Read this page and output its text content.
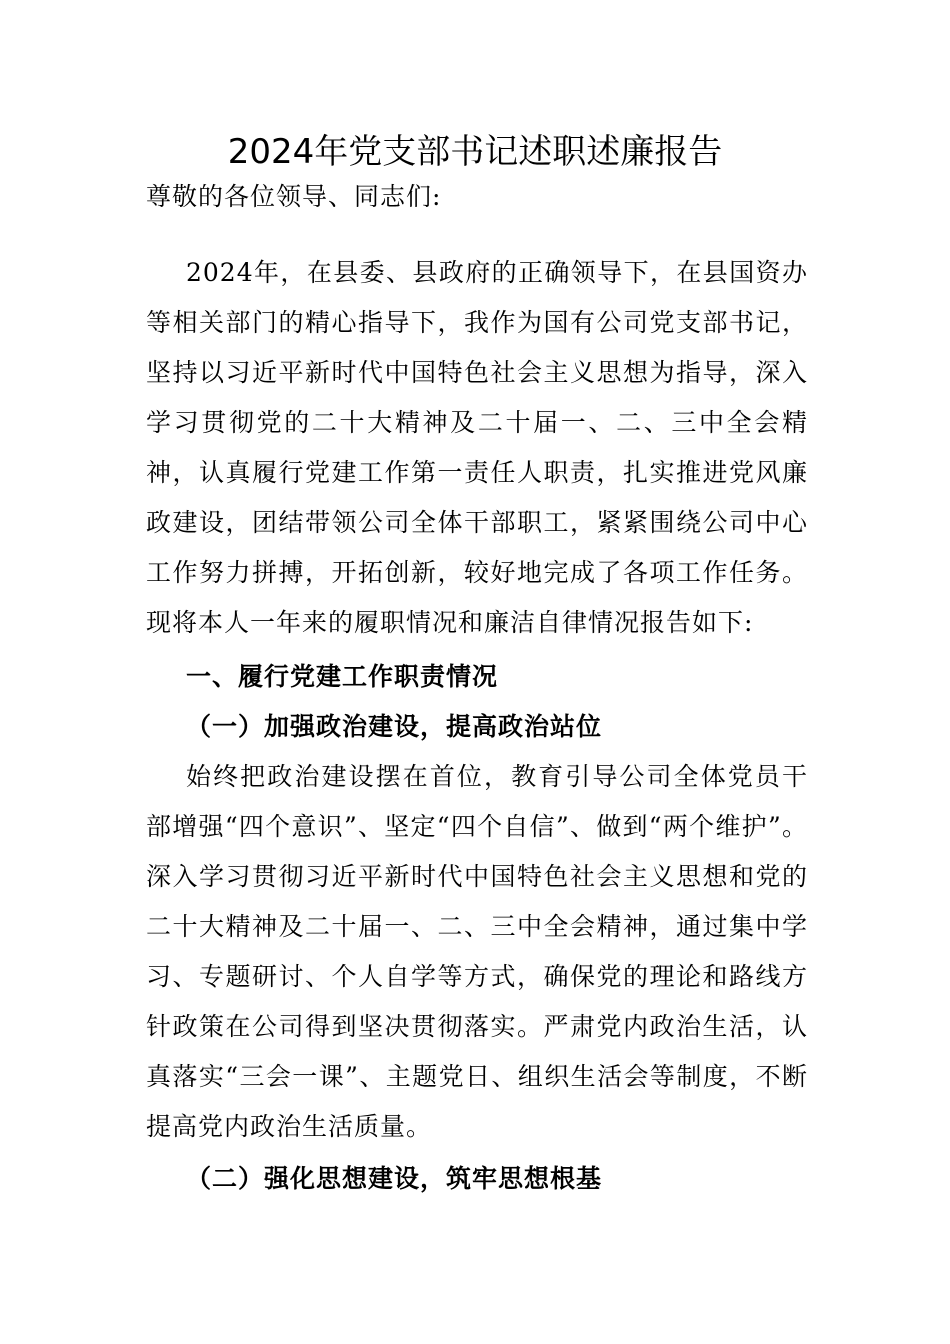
2024年党支部书记述职述廉报告
尊敬的各位领导、同志们:
2024年，在县委、县政府的正确领导下，在县国资办等相关部门的精心指导下，我作为国有公司党支部书记，坚持以习近平新时代中国特色社会主义思想为指导，深入学习贯彻党的二十大精神及二十届一、二、三中全会精神，认真履行党建工作第一责任人职责，扎实推进党风廉政建设，团结带领公司全体干部职工，紧紧围绕公司中心工作努力拼搏，开拓创新，较好地完成了各项工作任务。现将本人一年来的履职情况和廉洁自律情况报告如下:
一、履行党建工作职责情况
（一）加强政治建设，提高政治站位
始终把政治建设摆在首位，教育引导公司全体党员干部增强“四个意识”、坚定“四个自信”、做到“两个维护”。深入学习贯彻习近平新时代中国特色社会主义思想和党的二十大精神及二十届一、二、三中全会精神，通过集中学习、专题研讨、个人自学等方式，确保党的理论和路线方针政策在公司得到坚决贯彻落实。严肃党内政治生活，认真落实“三会一课”、主题党日、组织生活会等制度，不断提高党内政治生活质量。
（二）强化思想建设，筑牢思想根基
